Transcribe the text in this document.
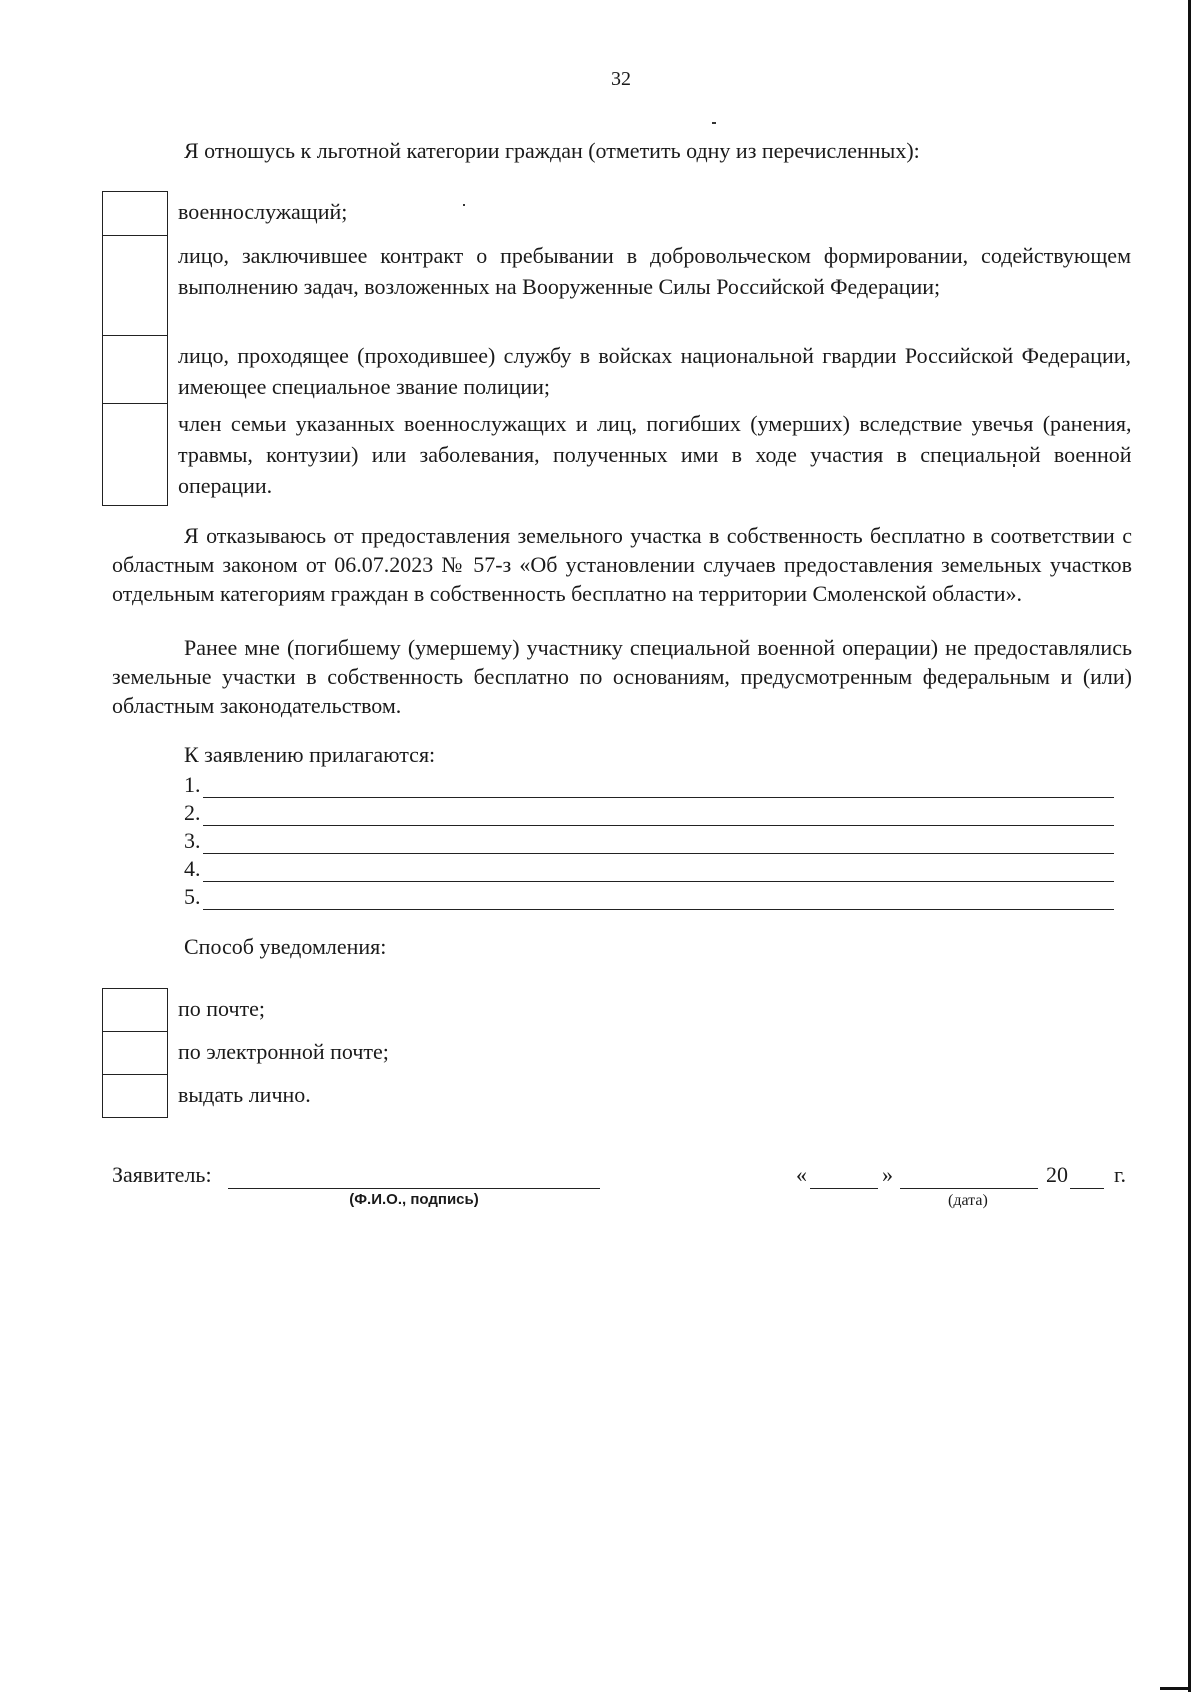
32
Я отношусь к льготной категории граждан (отметить одну из перечисленных):
	военнослужащий;
	лицо, заключившее контракт о пребывании в добровольческом формировании, содействующем выполнению задач, возложенных на Вооруженные Силы Российской Федерации;
	лицо, проходящее (проходившее) службу в войсках национальной гвардии Российской Федерации, имеющее специальное звание полиции;
	член семьи указанных военнослужащих и лиц, погибших (умерших) вследствие увечья (ранения, травмы, контузии) или заболевания, полученных ими в ходе участия в специальной военной операции.

Я отказываюсь от предоставления земельного участка в собственность бесплатно в соответствии с областным законом от 06.07.2023 № 57-з «Об установлении случаев предоставления земельных участков отдельным категориям граждан в собственность бесплатно на территории Смоленской области».

Ранее мне (погибшему (умершему) участнику специальной военной операции) не предоставлялись земельные участки в собственность бесплатно по основаниям, предусмотренным федеральным и (или) областным законодательством.

К заявлению прилагаются:
1.
2.
3.
4.
5.
Способ уведомления:
	по почте;
	по электронной почте;
	выдать лично.
Заявитель:
(Ф.И.О., подпись)
«	»	20 г.
(дата)
